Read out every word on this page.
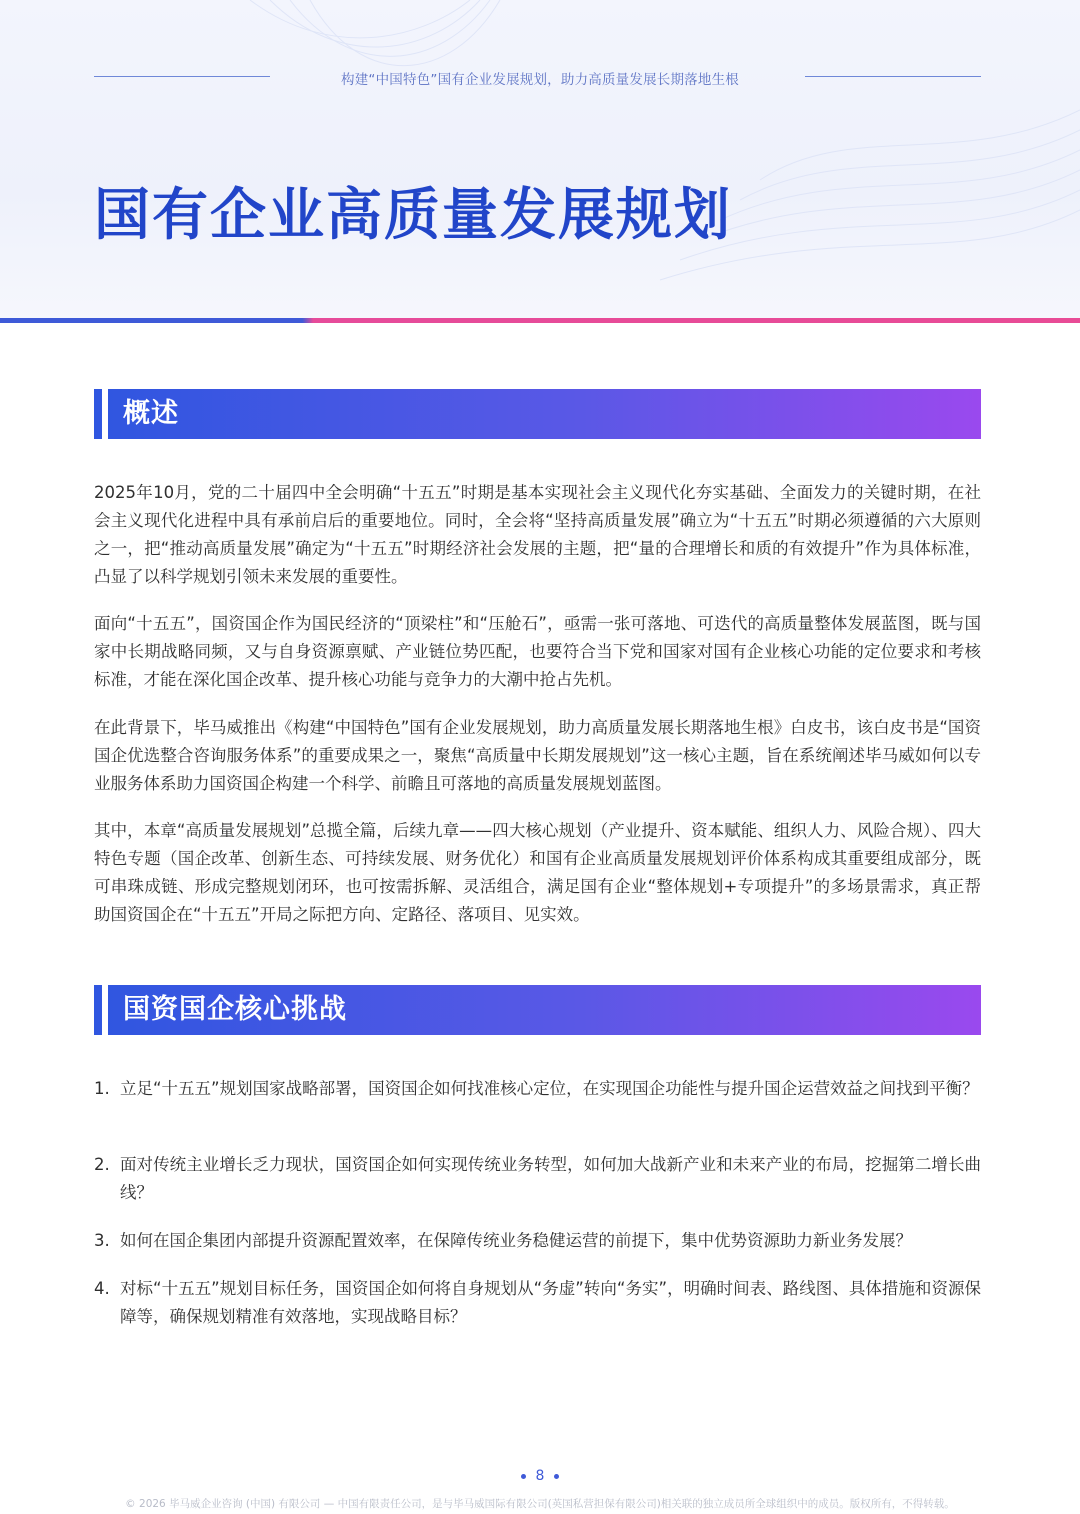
构建“中国特色”国有企业发展规划，助力高质量发展长期落地生根
国有企业高质量发展规划
概述

2025年10月，党的二十届四中全会明确“十五五”时期是基本实现社会主义现代化夯实基础、全面发力的关键时期，在社会主义现代化进程中具有承前启后的重要地位。同时，全会将“坚持高质量发展”确立为“十五五”时期必须遵循的六大原则之一，把“推动高质量发展”确定为“十五五”时期经济社会发展的主题，把“量的合理增长和质的有效提升”作为具体标准，凸显了以科学规划引领未来发展的重要性。

面向“十五五”，国资国企作为国民经济的“顶梁柱”和“压舱石”，亟需一张可落地、可迭代的高质量整体发展蓝图，既与国家中长期战略同频，又与自身资源禀赋、产业链位势匹配，也要符合当下党和国家对国有企业核心功能的定位要求和考核标准，才能在深化国企改革、提升核心功能与竞争力的大潮中抢占先机。

在此背景下，毕马威推出《构建“中国特色”国有企业发展规划，助力高质量发展长期落地生根》白皮书，该白皮书是“国资国企优选整合咨询服务体系”的重要成果之一，聚焦“高质量中长期发展规划”这一核心主题，旨在系统阐述毕马威如何以专业服务体系助力国资国企构建一个科学、前瞻且可落地的高质量发展规划蓝图。

其中，本章“高质量发展规划”总揽全篇，后续九章——四大核心规划（产业提升、资本赋能、组织人力、风险合规）、四大特色专题（国企改革、创新生态、可持续发展、财务优化）和国有企业高质量发展规划评价体系构成其重要组成部分，既可串珠成链、形成完整规划闭环，也可按需拆解、灵活组合，满足国有企业“整体规划+专项提升”的多场景需求，真正帮助国资国企在“十五五”开局之际把方向、定路径、落项目、见实效。

国资国企核心挑战
1. 立足“十五五”规划国家战略部署，国资国企如何找准核心定位，在实现国企功能性与提升国企运营效益之间找到平衡？
2. 面对传统主业增长乏力现状，国资国企如何实现传统业务转型，如何加大战新产业和未来产业的布局，挖掘第二增长曲线？
3. 如何在国企集团内部提升资源配置效率，在保障传统业务稳健运营的前提下，集中优势资源助力新业务发展？
4. 对标“十五五”规划目标任务，国资国企如何将自身规划从“务虚”转向“务实”，明确时间表、路线图、具体措施和资源保障等，确保规划精准有效落地，实现战略目标？
8
© 2026 毕马威企业咨询 (中国) 有限公司 — 中国有限责任公司，是与毕马威国际有限公司(英国私营担保有限公司)相关联的独立成员所全球组织中的成员。版权所有，不得转载。
